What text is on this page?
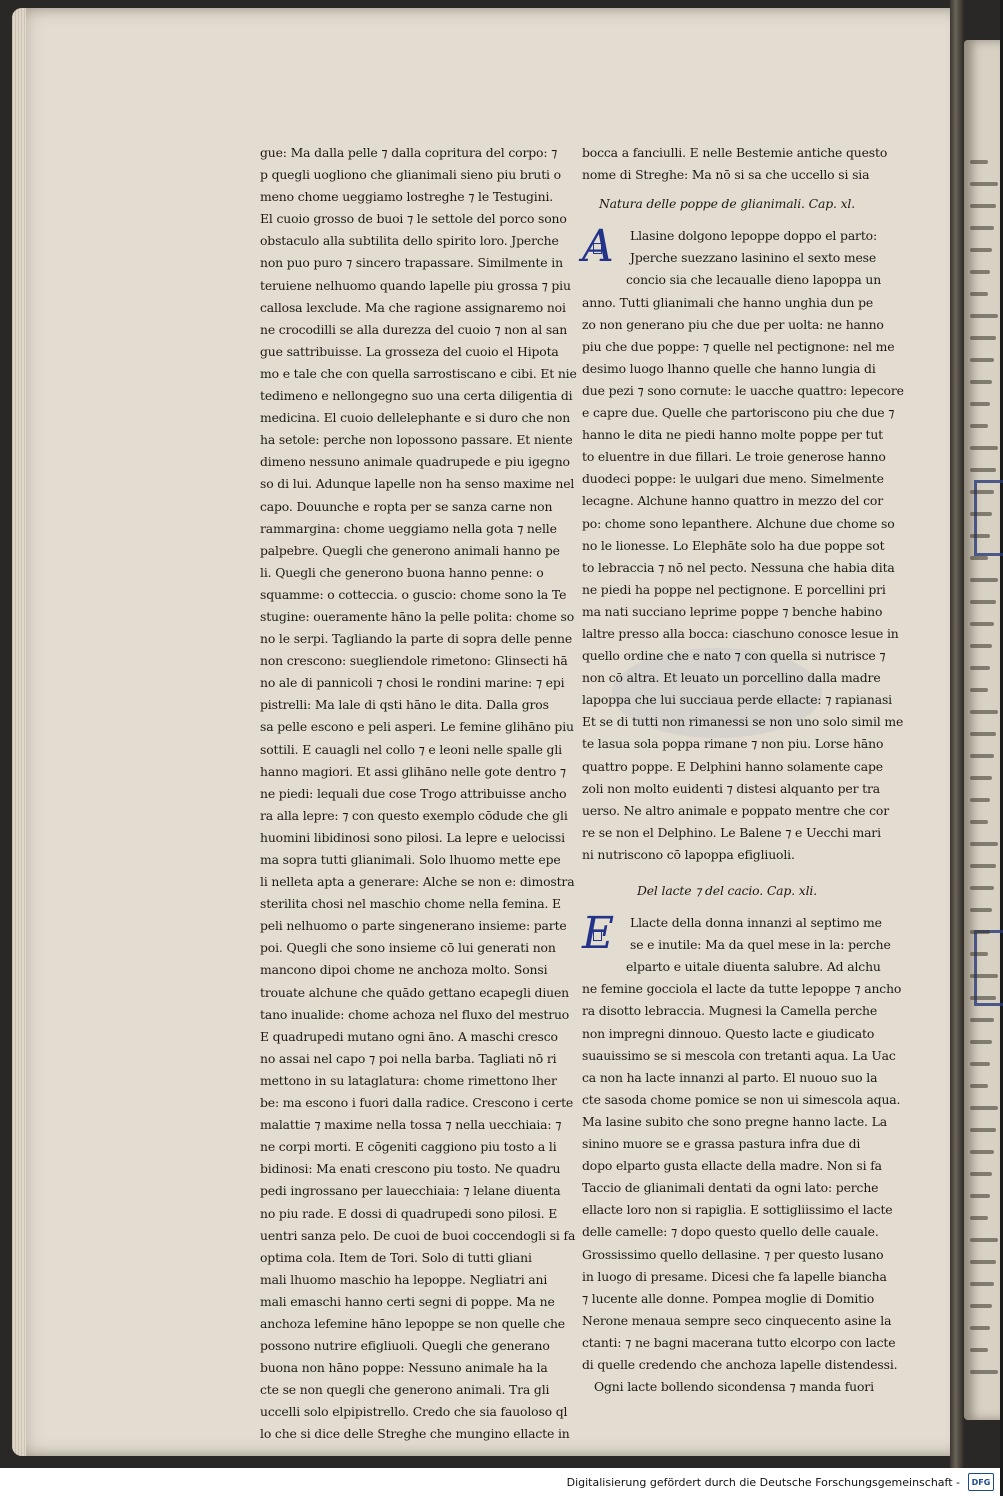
gue: Ma dalla pelle ⁊ dalla copritura del corpo: ⁊
p quegli uogliono che glianimali sieno piu bruti o
meno chome ueggiamo lostreghe ⁊ le Testugini.
El cuoio grosso de buoi ⁊ le settole del porco sono
obstaculo alla subtilita dello spirito loro. Jperche
non puo puro ⁊ sincero trapassare. Similmente in
teruiene nelhuomo quando lapelle piu grossa ⁊ piu
callosa lexclude. Ma che ragione assignaremo noi
ne crocodilli se alla durezza del cuoio ⁊ non al san
gue sattribuisse. La grosseza del cuoio el Hipota
mo e tale che con quella sarrostiscano e cibi. Et nie
tedimeno e nellongegno suo una certa diligentia di
medicina. El cuoio dellelephante e si duro che non
ha setole: perche non lopossono passare. Et niente
dimeno nessuno animale quadrupede e piu igegno
so di lui. Adunque lapelle non ha senso maxime nel
capo. Douunche e ropta per se sanza carne non
rammargina: chome ueggiamo nella gota ⁊ nelle
palpebre. Quegli che generono animali hanno pe
li. Quegli che generono buona hanno penne: o
squamme: o cotteccia. o guscio: chome sono la Te
stugine: oueramente hāno la pelle polita: chome so
no le serpi. Tagliando la parte di sopra delle penne
non crescono: suegliendole rimetono: Glinsecti hā
no ale di pannicoli ⁊ chosi le rondini marine: ⁊ epi
pistrelli: Ma lale di qsti hāno le dita. Dalla gros
sa pelle escono e peli asperi. Le femine glihāno piu
sottili. E cauagli nel collo ⁊ e leoni nelle spalle gli
hanno magiori. Et assi glihāno nelle gote dentro ⁊
ne piedi: lequali due cose Trogo attribuisse ancho
ra alla lepre: ⁊ con questo exemplo cōdude che gli
huomini libidinosi sono pilosi. La lepre e uelocissi
ma sopra tutti glianimali. Solo lhuomo mette epe
li nelleta apta a generare: Alche se non e: dimostra
sterilita chosi nel maschio chome nella femina. E
peli nelhuomo o parte singenerano insieme: parte
poi. Quegli che sono insieme cō lui generati non
mancono dipoi chome ne anchoza molto. Sonsi
trouate alchune che quādo gettano ecapegli diuen
tano inualide: chome achoza nel fluxo del mestruo
E quadrupedi mutano ogni āno. A maschi cresco
no assai nel capo ⁊ poi nella barba. Tagliati nō ri
mettono in su lataglatura: chome rimettono lher
be: ma escono i fuori dalla radice. Crescono i certe
malattie ⁊ maxime nella tossa ⁊ nella uecchiaia: ⁊
ne corpi morti. E cōgeniti caggiono piu tosto a li
bidinosi: Ma enati crescono piu tosto. Ne quadru
pedi ingrossano per lauecchiaia: ⁊ lelane diuenta
no piu rade. E dossi di quadrupedi sono pilosi. E
uentri sanza pelo. De cuoi de buoi coccendogli si fa
optima cola. Item de Tori. Solo di tutti gliani
mali lhuomo maschio ha lepoppe. Negliatri ani
mali emaschi hanno certi segni di poppe. Ma ne
anchoza lefemine hāno lepoppe se non quelle che
possono nutrire efigliuoli. Quegli che generano
buona non hāno poppe: Nessuno animale ha la
cte se non quegli che generono animali. Tra gli
uccelli solo elpipistrello. Credo che sia fauoloso ql
lo che si dice delle Streghe che mungino ellacte in
bocca a fanciulli. E nelle Bestemie antiche questo
nome di Streghe: Ma nō si sa che uccello si sia
Natura delle poppe de glianimali. Cap. xl.
A	Llasine dolgono lepoppe doppo el parto:
Jperche suezzano lasinino el sexto mese
concio sia che lecaualle dieno lapoppa un
anno. Tutti glianimali che hanno unghia dun pe
zo non generano piu che due per uolta: ne hanno
piu che due poppe: ⁊ quelle nel pectignone: nel me
desimo luogo lhanno quelle che hanno lungia di
due pezi ⁊ sono cornute: le uacche quattro: lepecore
e capre due. Quelle che partoriscono piu che due ⁊
hanno le dita ne piedi hanno molte poppe per tut
to eluentre in due fillari. Le troie generose hanno
duodeci poppe: le uulgari due meno. Simelmente
lecagne. Alchune hanno quattro in mezzo del cor
po: chome sono lepanthere. Alchune due chome so
no le lionesse. Lo Elephāte solo ha due poppe sot
to lebraccia ⁊ nō nel pecto. Nessuna che habia dita
ne piedi ha poppe nel pectignone. E porcellini pri
ma nati succiano leprime poppe ⁊ benche habino
laltre presso alla bocca: ciaschuno conosce lesue in
quello ordine che e nato ⁊ con quella si nutrisce ⁊
non cō altra. Et leuato un porcellino dalla madre
lapoppa che lui succiaua perde ellacte: ⁊ rapianasi
Et se di tutti non rimanessi se non uno solo simil me
te lasua sola poppa rimane ⁊ non piu. Lorse hāno
quattro poppe. E Delphini hanno solamente cape
zoli non molto euidenti ⁊ distesi alquanto per tra
uerso. Ne altro animale e poppato mentre che cor
re se non el Delphino. Le Balene ⁊ e Uecchi mari
ni nutriscono cō lapoppa efigliuoli.
Del lacte ⁊ del cacio. Cap. xli.
E	Llacte della donna innanzi al septimo me
se e inutile: Ma da quel mese in la: perche
elparto e uitale diuenta salubre. Ad alchu
ne femine gocciola el lacte da tutte lepoppe ⁊ ancho
ra disotto lebraccia. Mugnesi la Camella perche
non impregni dinnouo. Questo lacte e giudicato
suauissimo se si mescola con tretanti aqua. La Uac
ca non ha lacte innanzi al parto. El nuouo suo la
cte sasoda chome pomice se non ui simescola aqua.
Ma lasine subito che sono pregne hanno lacte. La
sinino muore se e grassa pastura infra due di
dopo elparto gusta ellacte della madre. Non si fa
Taccio de glianimali dentati da ogni lato: perche
ellacte loro non si rapiglia. E sottigliissimo el lacte
delle camelle: ⁊ dopo questo quello delle cauale.
Grossissimo quello dellasine. ⁊ per questo lusano
in luogo di presame. Dicesi che fa lapelle biancha
⁊ lucente alle donne. Pompea moglie di Domitio
Nerone menaua sempre seco cinquecento asine la
ctanti: ⁊ ne bagni macerana tutto elcorpo con lacte
di quelle credendo che anchoza lapelle distendessi.
Ogni lacte bollendo sicondensa ⁊ manda fuori
Digitalisierung gefördert durch die Deutsche Forschungsgemeinschaft -	DFG
